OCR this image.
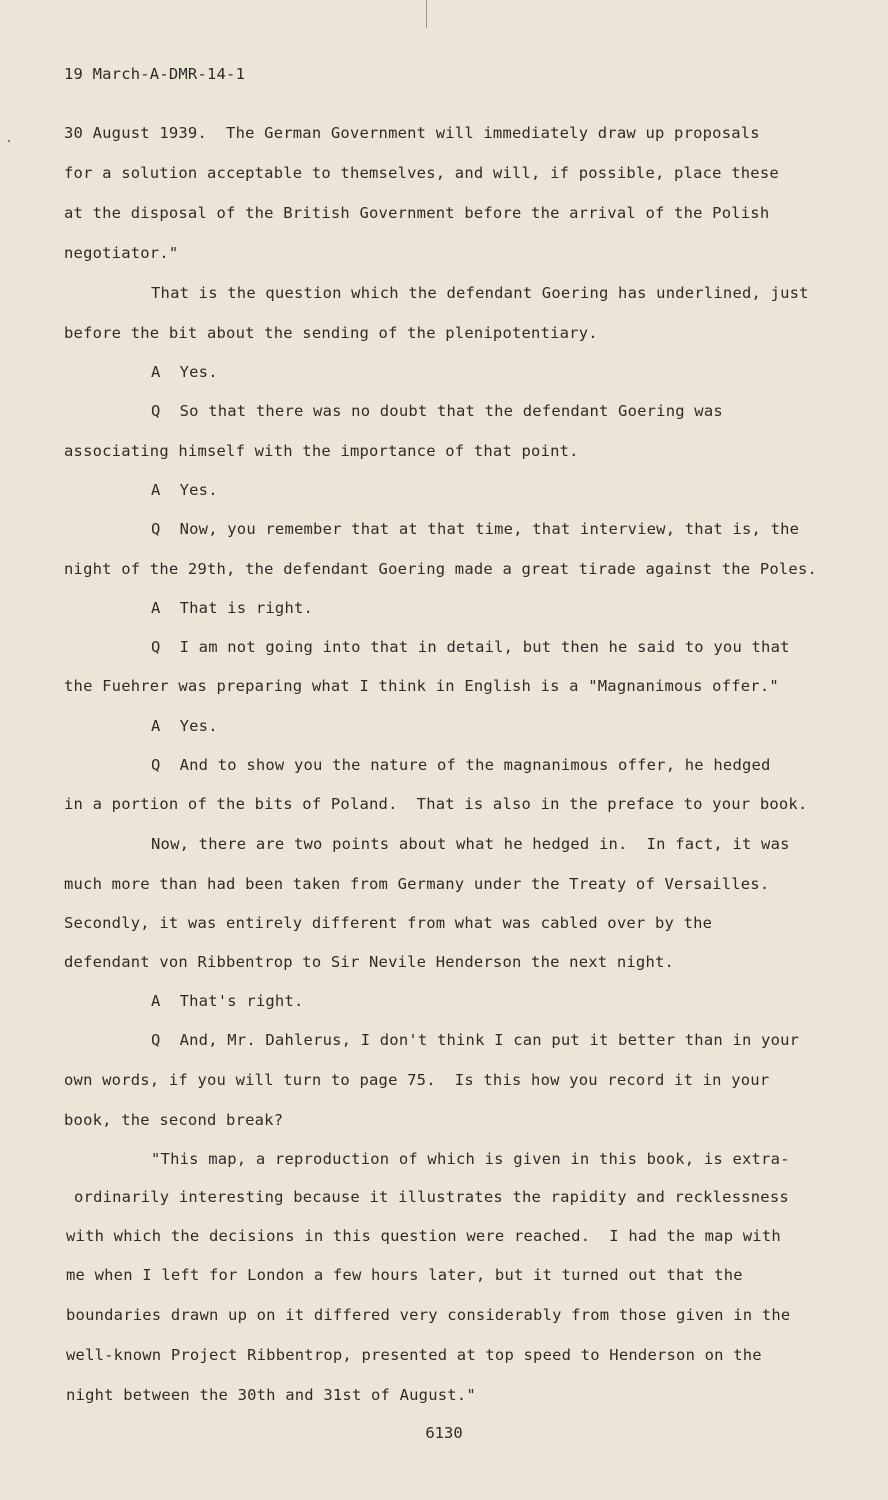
19 March-A-DMR-14-1
30 August 1939.  The German Government will immediately draw up proposals
for a solution acceptable to themselves, and will, if possible, place these
at the disposal of the British Government before the arrival of the Polish
negotiator."
That is the question which the defendant Goering has underlined, just
before the bit about the sending of the plenipotentiary.
A  Yes.
Q  So that there was no doubt that the defendant Goering was
associating himself with the importance of that point.
A  Yes.
Q  Now, you remember that at that time, that interview, that is, the
night of the 29th, the defendant Goering made a great tirade against the Poles.
A  That is right.
Q  I am not going into that in detail, but then he said to you that
the Fuehrer was preparing what I think in English is a "Magnanimous offer."
A  Yes.
Q  And to show you the nature of the magnanimous offer, he hedged
in a portion of the bits of Poland.  That is also in the preface to your book.
Now, there are two points about what he hedged in.  In fact, it was
much more than had been taken from Germany under the Treaty of Versailles.
Secondly, it was entirely different from what was cabled over by the
defendant von Ribbentrop to Sir Nevile Henderson the next night.
A  That's right.
Q  And, Mr. Dahlerus, I don't think I can put it better than in your
own words, if you will turn to page 75.  Is this how you record it in your
book, the second break?
"This map, a reproduction of which is given in this book, is extra-
ordinarily interesting because it illustrates the rapidity and recklessness
with which the decisions in this question were reached.  I had the map with
me when I left for London a few hours later, but it turned out that the
boundaries drawn up on it differed very considerably from those given in the
well-known Project Ribbentrop, presented at top speed to Henderson on the
night between the 30th and 31st of August."
6130
